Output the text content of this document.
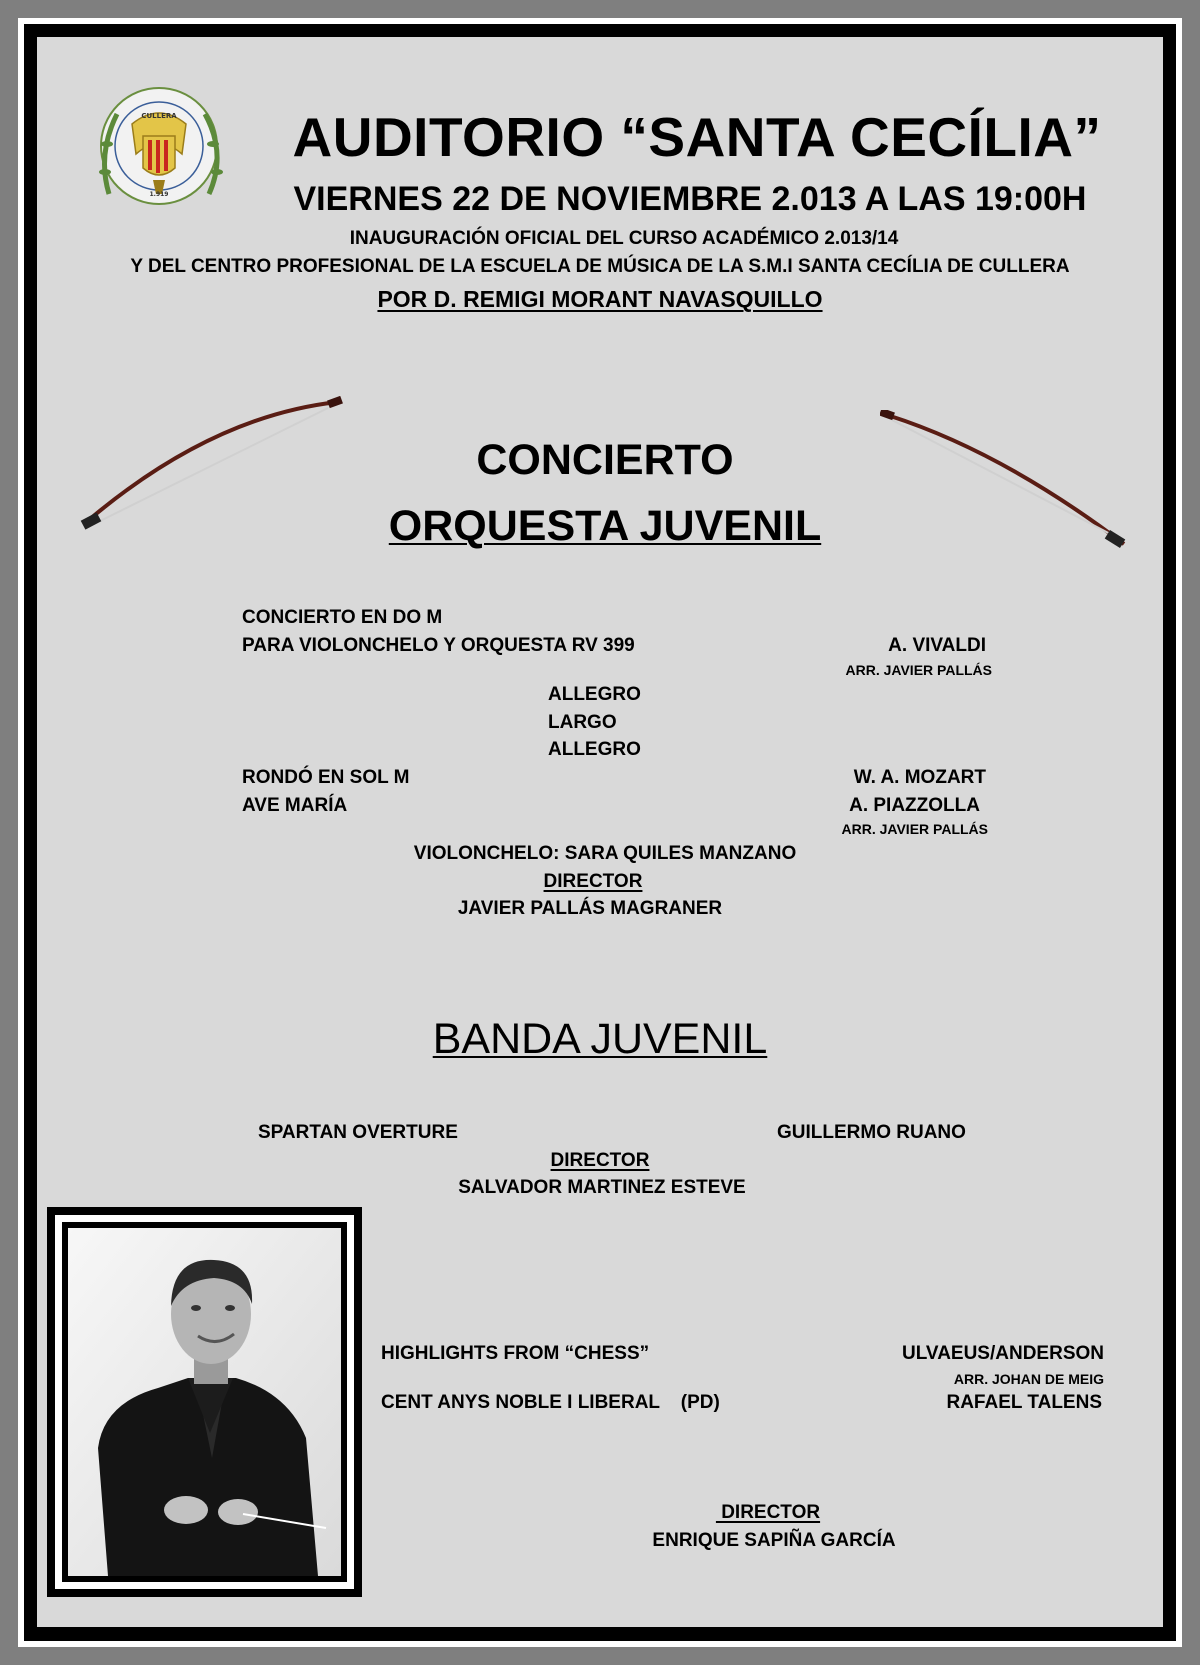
CULLERA
1.919
AUDITORIO “SANTA CECÍLIA”
VIERNES 22 DE NOVIEMBRE 2.013 A LAS 19:00H
INAUGURACIÓN OFICIAL DEL CURSO ACADÉMICO 2.013/14
Y DEL CENTRO PROFESIONAL DE LA ESCUELA DE MÚSICA DE LA S.M.I SANTA CECÍLIA DE CULLERA
POR D. REMIGI MORANT NAVASQUILLO
CONCIERTO
ORQUESTA JUVENIL
CONCIERTO EN DO M
PARA VIOLONCHELO Y ORQUESTA RV 399	A. VIVALDI
ARR. JAVIER PALLÁS
ALLEGRO
LARGO
ALLEGRO
RONDÓ EN SOL M	W. A. MOZART
AVE MARÍA	A. PIAZZOLLA
ARR. JAVIER PALLÁS
VIOLONCHELO: SARA QUILES MANZANO
DIRECTOR
JAVIER PALLÁS MAGRANER
BANDA JUVENIL
SPARTAN OVERTURE	GUILLERMO RUANO
DIRECTOR
SALVADOR MARTINEZ ESTEVE
HIGHLIGHTS FROM “CHESS”	ULVAEUS/ANDERSON
ARR. JOHAN DE MEIG
CENT ANYS NOBLE I LIBERAL    (PD)	RAFAEL TALENS
DIRECTOR
ENRIQUE SAPIÑA GARCÍA
